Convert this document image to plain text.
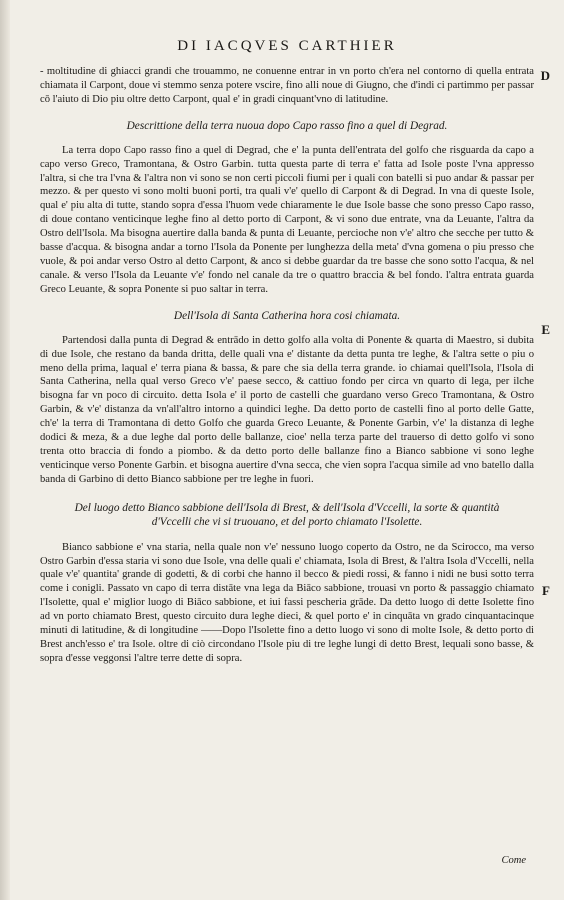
DI IACQVES CARTHIER

- moltitudine di ghiacci grandi che trouammo, ne conuenne entrar in vn porto ch'era nel contorno di quella entrata chiamata il Carpont, doue vi stemmo senza potere vscire, fino alli noue di Giugno, che d'indi ci partimmo per passar cō l'aiuto di Dio piu oltre detto Carpont, qual e' in gradi cinquant'vno di latitudine.

Descrittione della terra nuoua dopo Capo rasso fino a quel di Degrad.

La terra dopo Capo rasso fino a quel di Degrad, che e' la punta dell'entrata del golfo che risguarda da capo a capo verso Greco, Tramontana, & Ostro Garbin. tutta questa parte di terra e' fatta ad Isole poste l'vna appresso l'altra, si che tra l'vna & l'altra non vi sono se non certi piccoli fiumi per i quali con batelli si puo andar & passar per mezzo. & per questo vi sono molti buoni porti, tra quali v'e' quello di Carpont & di Degrad. In vna di queste Isole, qual e' piu alta di tutte, stando sopra d'essa l'huom vede chiaramente le due Isole basse che sono presso Capo rasso, di doue contano venticinque leghe fino al detto porto di Carpont, & vi sono due entrate, vna da Leuante, l'altra da Ostro dell'Isola. Ma bisogna auertire dalla banda & punta di Leuante, percioche non v'e' altro che secche per tutto & basse d'acqua. & bisogna andar a torno l'Isola da Ponente per lunghezza della meta' d'vna gomena o piu presso che vuole, & poi andar verso Ostro al detto Carpont, & anco si debbe guardar da tre basse che sono sotto l'acqua, & nel canale. & verso l'Isola da Leuante v'e' fondo nel canale da tre o quattro braccia & bel fondo. l'altra entrata guarda Greco Leuante, & sopra Ponente si puo saltar in terra.

Dell'Isola di Santa Catherina hora cosi chiamata.

Partendosi dalla punta di Degrad & entrādo in detto golfo alla volta di Ponente & quarta di Maestro, si dubita di due Isole, che restano da banda dritta, delle quali vna e' distante da detta punta tre leghe, & l'altra sette o piu o meno della prima, laqual e' terra piana & bassa, & pare che sia della terra grande. io chiamai quell'Isola, l'Isola di Santa Catherina, nella qual verso Greco v'e' paese secco, & cattiuo fondo per circa vn quarto di lega, per ilche bisogna far vn poco di circuito. detta Isola e' il porto de castelli che guardano verso Greco Tramontana, & Ostro Garbin, & v'e' distanza da vn'all'altro intorno a quindici leghe. Da detto porto de castelli fino al porto delle Gatte, ch'e' la terra di Tramontana di detto Golfo che guarda Greco Leuante, & Ponente Garbin, v'e' la distanza di leghe dodici & meza, & a due leghe dal porto delle ballanze, cioe' nella terza parte del trauerso di detto golfo vi sono trenta otto braccia di fondo a piombo. & da detto porto delle ballanze fino a Bianco sabbione vi sono leghe venticinque verso Ponente Garbin. et bisogna auertire d'vna secca, che vien sopra l'acqua simile ad vno batello dalla banda di Garbino di detto Bianco sabbione per tre leghe in fuori.

Del luogo detto Bianco sabbione dell'Isola di Brest, & dell'Isola d'Vccelli, la sorte & quantità d'Vccelli che vi si truouano, et del porto chiamato l'Isolette.

Bianco sabbione e' vna staria, nella quale non v'e' nessuno luogo coperto da Ostro, ne da Scirocco, ma verso Ostro Garbin d'essa staria vi sono due Isole, vna delle quali e' chiamata, Isola di Brest, & l'altra Isola d'Vccelli, nella quale v'e' quantita' grande di godetti, & di corbi che hanno il becco & piedi rossi, & fanno i nidi ne busi sotto terra come i conigli. Passato vn capo di terra distāte vna lega da Biāco sabbione, trouasi vn porto & passaggio chiamato l'Isolette, qual e' miglior luogo di Biāco sabbione, et iui fassi pescheria grāde. Da detto luogo di dette Isolette fino ad vn porto chiamato Brest, questo circuito dura leghe dieci, & quel porto e' in cinquāta vn grado cinquantacinque minuti di latitudine, & di longitudine ——Dopo l'Isolette fino a detto luogo vi sono di molte Isole, & detto porto di Brest anch'esso e' tra Isole. oltre di ciò circondano l'Isole piu di tre leghe lungi di detto Brest, lequali sono basse, & sopra d'esse veggonsi l'altre terre dette di sopra.

D
E
F
Come
